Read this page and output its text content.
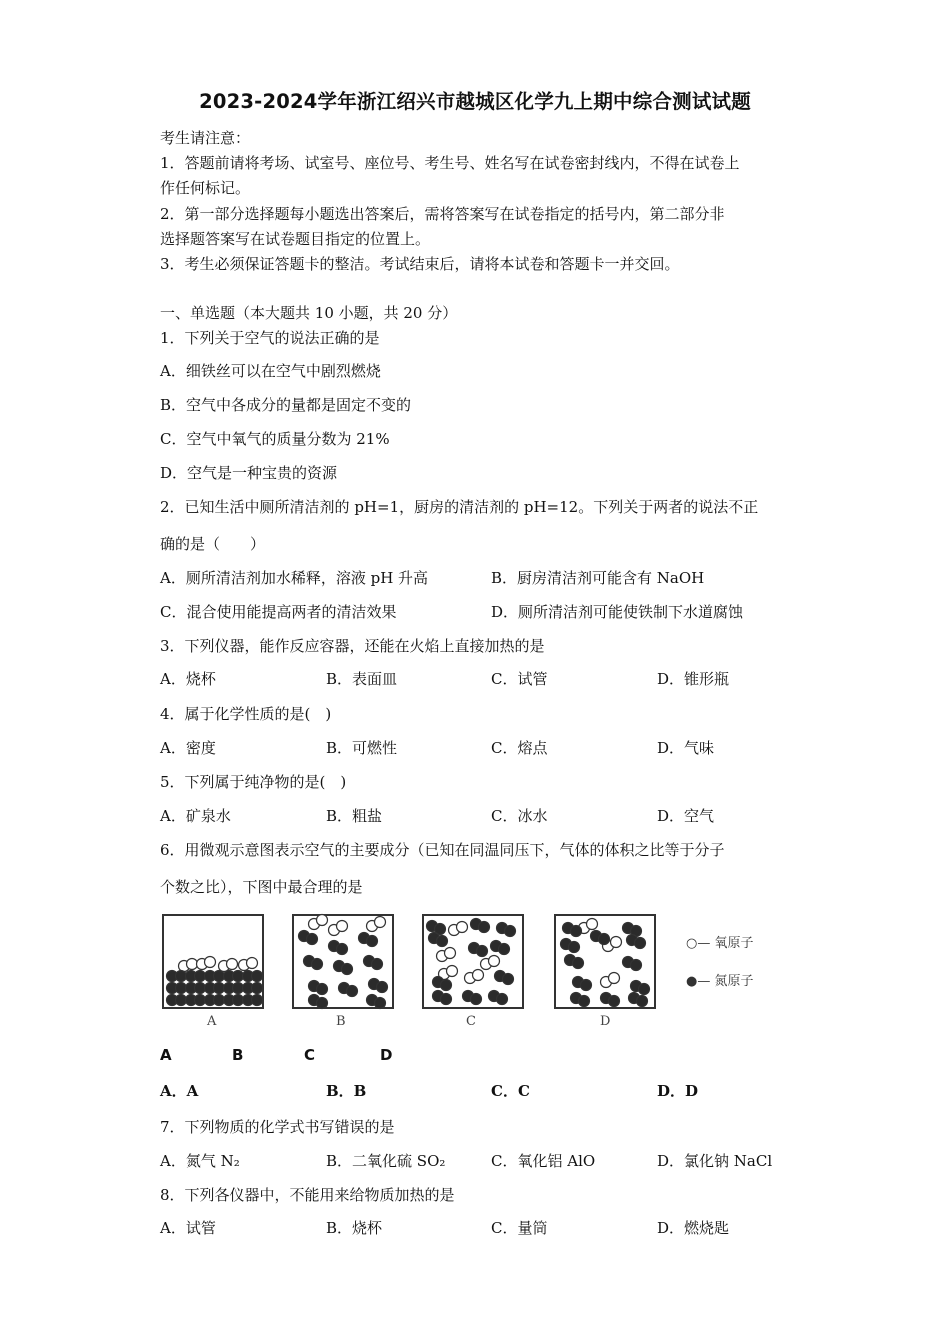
2023-2024学年浙江绍兴市越城区化学九上期中综合测试试题
考生请注意：
1．答题前请将考场、试室号、座位号、考生号、姓名写在试卷密封线内，不得在试卷上
作任何标记。
2．第一部分选择题每小题选出答案后，需将答案写在试卷指定的括号内，第二部分非
选择题答案写在试卷题目指定的位置上。
3．考生必须保证答题卡的整洁。考试结束后，请将本试卷和答题卡一并交回。
一、单选题（本大题共 10 小题，共 20 分）
1．下列关于空气的说法正确的是
A．细铁丝可以在空气中剧烈燃烧
B．空气中各成分的量都是固定不变的
C．空气中氧气的质量分数为 21%
D．空气是一种宝贵的资源
2．已知生活中厕所清洁剂的 pH=1，厨房的清洁剂的 pH=12。下列关于两者的说法不正
确的是（　　）
A．厕所清洁剂加水稀释，溶液 pH 升高	B．厨房清洁剂可能含有 NaOH
C．混合使用能提高两者的清洁效果	D．厕所清洁剂可能使铁制下水道腐蚀
3．下列仪器，能作反应容器，还能在火焰上直接加热的是
A．烧杯	B．表面皿	C．试管	D．锥形瓶
4．属于化学性质的是(　)
A．密度	B．可燃性	C．熔点	D．气味
5．下列属于纯净物的是(　)
A．矿泉水	B．粗盐	C．冰水	D．空气
6．用微观示意图表示空气的主要成分（已知在同温同压下，气体的体积之比等于分子
个数之比），下图中最合理的是
A	B	C	D
○— 氧原子
●— 氮原子
A	B	C	D
A．A	B．B	C．C	D．D
7．下列物质的化学式书写错误的是
A．氮气 N₂	B．二氧化硫 SO₂	C．氧化铝 AlO	D．氯化钠 NaCl
8．下列各仪器中，不能用来给物质加热的是
A．试管	B．烧杯	C．量筒	D．燃烧匙
